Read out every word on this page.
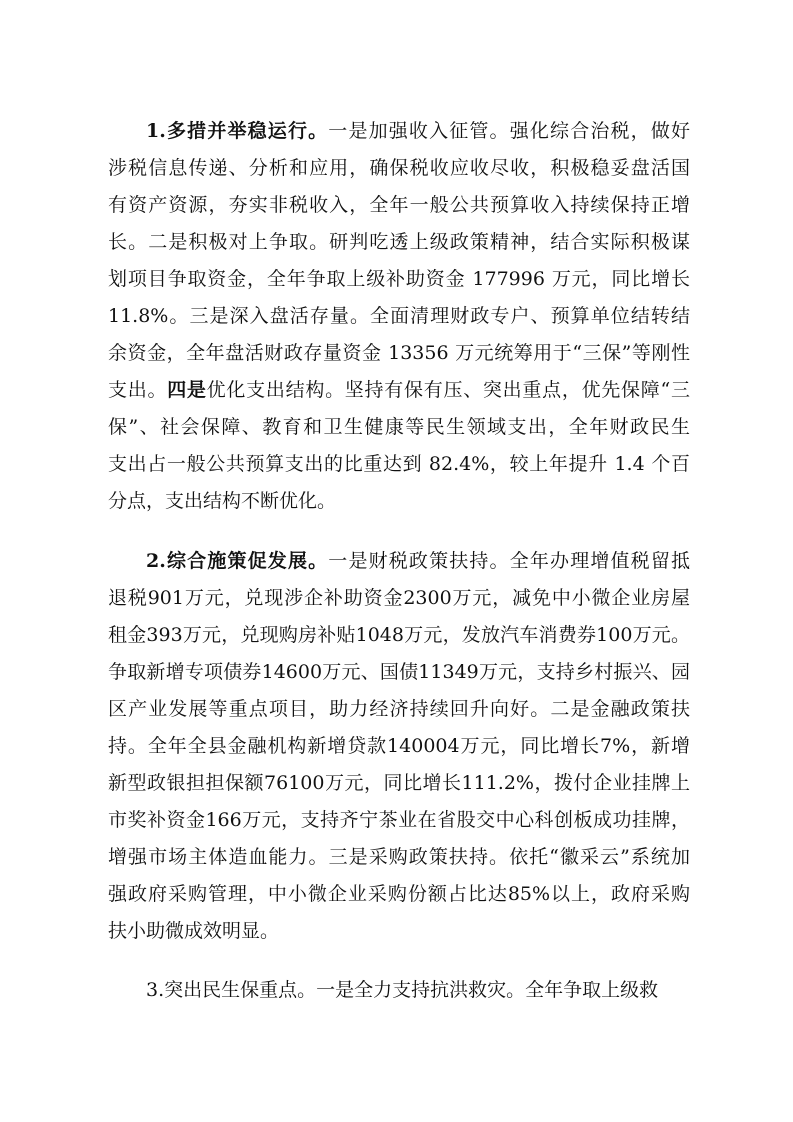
1.多措并举稳运行。一是加强收入征管。强化综合治税，做好
涉税信息传递、分析和应用，确保税收应收尽收，积极稳妥盘活国
有资产资源，夯实非税收入，全年一般公共预算收入持续保持正增
长。二是积极对上争取。研判吃透上级政策精神，结合实际积极谋
划项目争取资金，全年争取上级补助资金 177996 万元，同比增长
11.8%。三是深入盘活存量。全面清理财政专户、预算单位结转结
余资金，全年盘活财政存量资金 13356 万元统筹用于“三保”等刚性
支出。四是优化支出结构。坚持有保有压、突出重点，优先保障“三
保”、社会保障、教育和卫生健康等民生领域支出，全年财政民生
支出占一般公共预算支出的比重达到 82.4%，较上年提升 1.4 个百
分点，支出结构不断优化。
2.综合施策促发展。一是财税政策扶持。全年办理增值税留抵
退税901万元，兑现涉企补助资金2300万元，减免中小微企业房屋
租金393万元，兑现购房补贴1048万元，发放汽车消费券100万元。
争取新增专项债券14600万元、国债11349万元，支持乡村振兴、园
区产业发展等重点项目，助力经济持续回升向好。二是金融政策扶
持。全年全县金融机构新增贷款140004万元，同比增长7%，新增
新型政银担担保额76100万元，同比增长111.2%，拨付企业挂牌上
市奖补资金166万元，支持齐宁茶业在省股交中心科创板成功挂牌，
增强市场主体造血能力。三是采购政策扶持。依托“徽采云”系统加
强政府采购管理，中小微企业采购份额占比达85%以上，政府采购
扶小助微成效明显。
3.突出民生保重点。一是全力支持抗洪救灾。全年争取上级救
